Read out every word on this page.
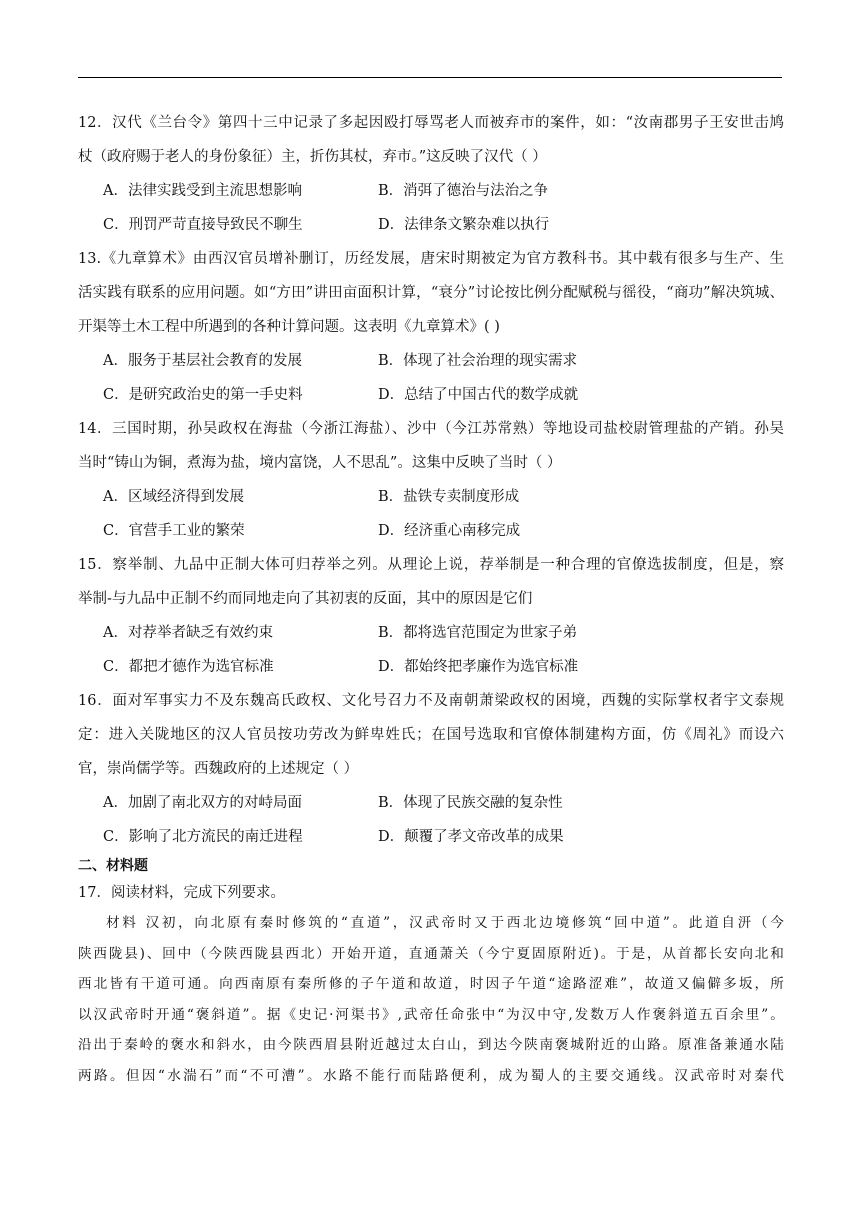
12．汉代《兰台令》第四十三中记录了多起因殴打辱骂老人而被弃市的案件，如：“汝南郡男子王安世击鸠
杖（政府赐于老人的身份象征）主，折伤其杖，弃市。”这反映了汉代（ ）
A．法律实践受到主流思想影响	B．消弭了德治与法治之争
C．刑罚严苛直接导致民不聊生	D．法律条文繁杂难以执行
13.《九章算术》由西汉官员增补删订，历经发展，唐宋时期被定为官方教科书。其中载有很多与生产、生
活实践有联系的应用问题。如“方田”讲田亩面积计算，“衰分”讨论按比例分配赋税与徭役，“商功”解决筑城、
开渠等土木工程中所遇到的各种计算问题。这表明《九章算术》( )
A．服务于基层社会教育的发展	B．体现了社会治理的现实需求
C．是研究政治史的第一手史料	D．总结了中国古代的数学成就
14．三国时期，孙吴政权在海盐（今浙江海盐）、沙中（今江苏常熟）等地设司盐校尉管理盐的产销。孙吴
当时“铸山为铜，煮海为盐，境内富饶，人不思乱”。这集中反映了当时（ ）
A．区域经济得到发展	B．盐铁专卖制度形成
C．官营手工业的繁荣	D．经济重心南移完成
15．察举制、九品中正制大体可归荐举之列。从理论上说，荐举制是一种合理的官僚选拔制度，但是，察
举制-与九品中正制不约而同地走向了其初衷的反面，其中的原因是它们
A．对荐举者缺乏有效约束	B．都将选官范围定为世家子弟
C．都把才德作为选官标准	D．都始终把孝廉作为选官标准
16．面对军事实力不及东魏高氏政权、文化号召力不及南朝萧梁政权的困境，西魏的实际掌权者宇文泰规
定：进入关陇地区的汉人官员按功劳改为鲜卑姓氏；在国号选取和官僚体制建构方面，仿《周礼》而设六
官，崇尚儒学等。西魏政府的上述规定（ ）
A．加剧了南北双方的对峙局面	B．体现了民族交融的复杂性
C．影响了北方流民的南迁进程	D．颠覆了孝文帝改革的成果
二、材料题
17．阅读材料，完成下列要求。
材料 汉初，向北原有秦时修筑的“直道”，汉武帝时又于西北边境修筑“回中道”。此道自汧（今
陕西陇县)、回中（今陕西陇县西北）开始开道，直通萧关（今宁夏固原附近)。于是，从首都长安向北和
西北皆有干道可通。向西南原有秦所修的子午道和故道，时因子午道“途路涩难”，故道又偏僻多坂，所
以汉武帝时开通“褒斜道”。据《史记·河渠书》,武帝任命张中“为汉中守,发数万人作褒斜道五百余里”。
沿出于秦岭的褒水和斜水，由今陕西眉县附近越过太白山，到达今陕南褒城附近的山路。原准备兼通水陆
两路。但因“水湍石”而“不可漕”。水路不能行而陆路便利，成为蜀人的主要交通线。汉武帝时对秦代
